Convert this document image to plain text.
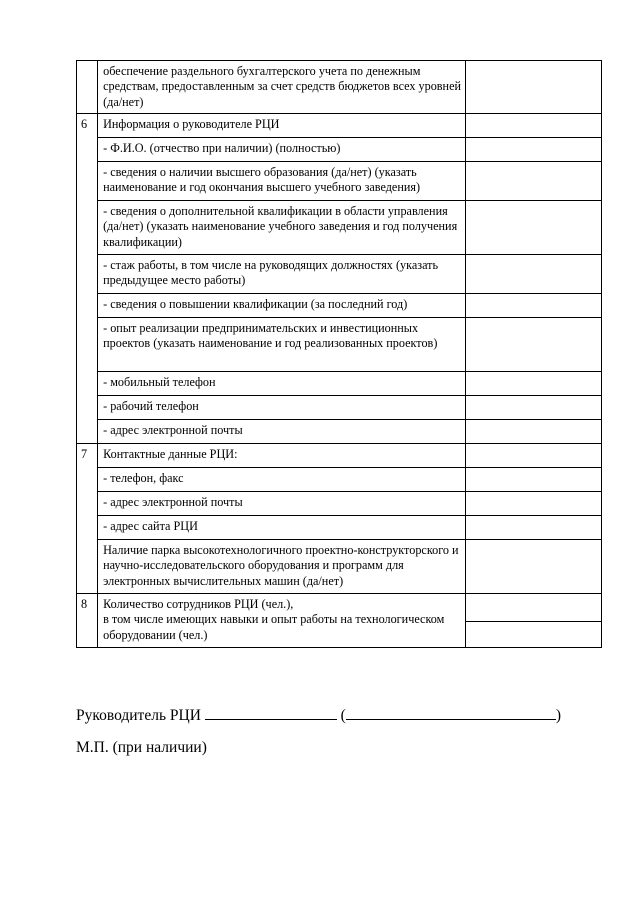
	обеспечение раздельного бухгалтерского учета по денежным средствам, предоставленным за счет средств бюджетов всех уровней (да/нет)	
6	Информация о руководителе РЦИ	
	- Ф.И.О. (отчество при наличии) (полностью)	
	- сведения о наличии высшего образования (да/нет) (указать наименование и год окончания высшего учебного заведения)	
	- сведения о дополнительной квалификации в области управления (да/нет) (указать наименование учебного заведения и год получения квалификации)	
	- стаж работы, в том числе на руководящих должностях (указать предыдущее место работы)	
	- сведения о повышении квалификации (за последний год)	
	- опыт реализации предпринимательских и инвестиционных проектов (указать наименование и год реализованных проектов)	
	- мобильный телефон	
	- рабочий телефон	
	- адрес электронной почты	
7	Контактные данные РЦИ:	
	- телефон, факс	
	- адрес электронной почты	
	- адрес сайта РЦИ	
	Наличие парка высокотехнологичного проектно-конструкторского и научно-исследовательского оборудования и программ для электронных вычислительных машин (да/нет)	
8	Количество сотрудников РЦИ (чел.),
в том числе имеющих навыки и опыт работы на технологическом оборудовании (чел.)	

Руководитель РЦИ	(	)
М.П. (при наличии)
